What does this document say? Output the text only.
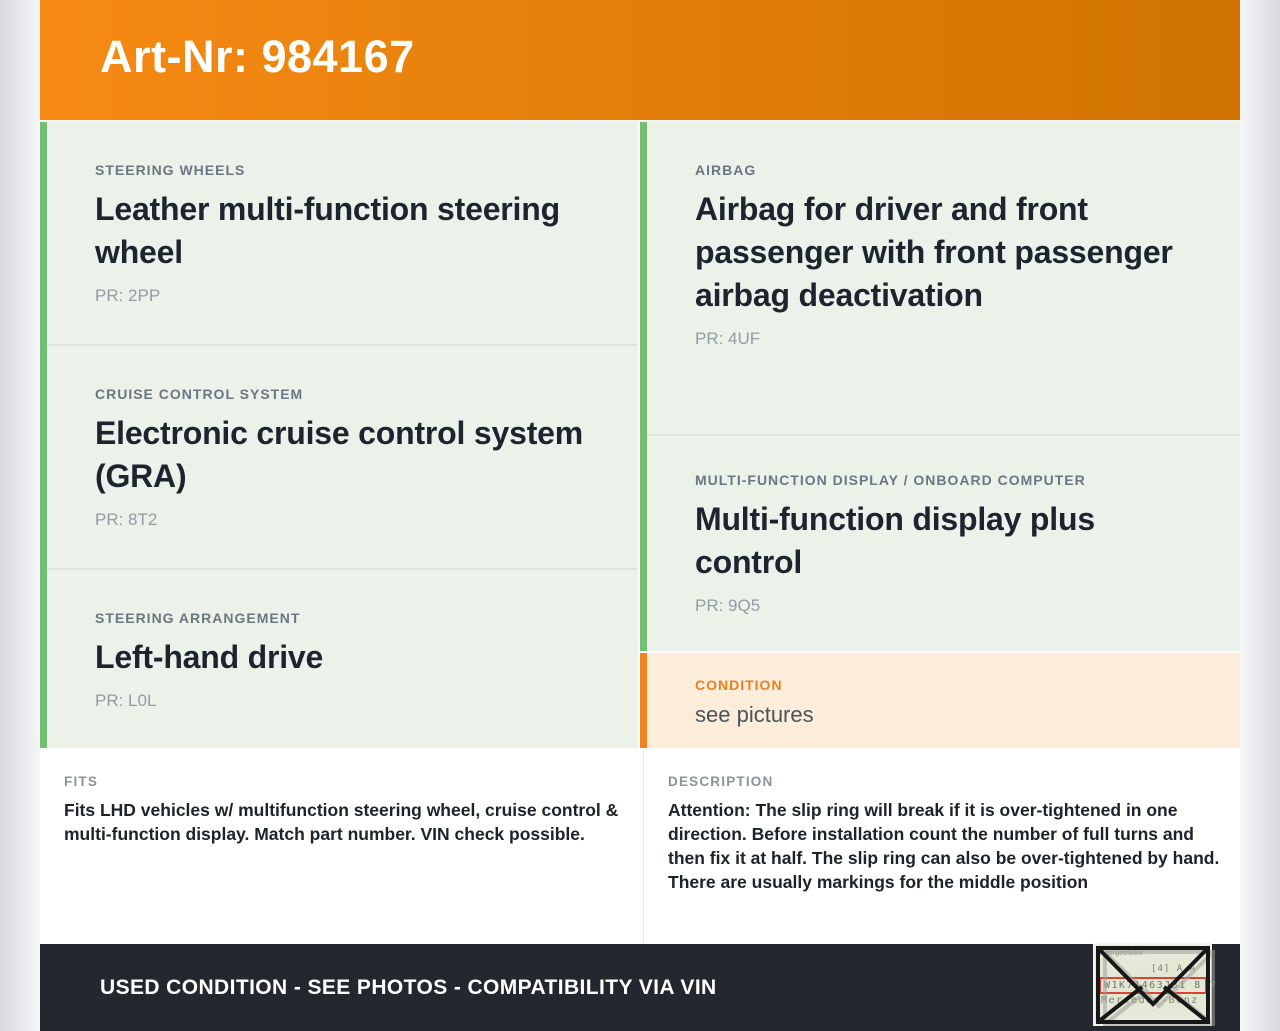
Art-Nr: 984167
STEERING WHEELS
Leather multi-function steering wheel
PR: 2PP
CRUISE CONTROL SYSTEM
Electronic cruise control system (GRA)
PR: 8T2
STEERING ARRANGEMENT
Left-hand drive
PR: L0L
AIRBAG
Airbag for driver and front passenger with front passenger airbag deactivation
PR: 4UF
MULTI-FUNCTION DISPLAY / ONBOARD COMPUTER
Multi-function display plus control
PR: 9Q5
CONDITION
see pictures
FITS

Fits LHD vehicles w/ multifunction steering wheel, cruise control & multi-function display. Match part number. VIN check possible.

DESCRIPTION

Attention: The slip ring will break if it is over-tightened in one direction. Before installation count the number of full turns and then fix it at half. The slip ring can also be over-tightened by hand. There are usually markings for the middle position

USED CONDITION - SEE PHOTOS - COMPATIBILITY VIA VIN
Fahrgestellnr.
[4] A A
W1K71463J31 8 7
Mercedes-Benz
